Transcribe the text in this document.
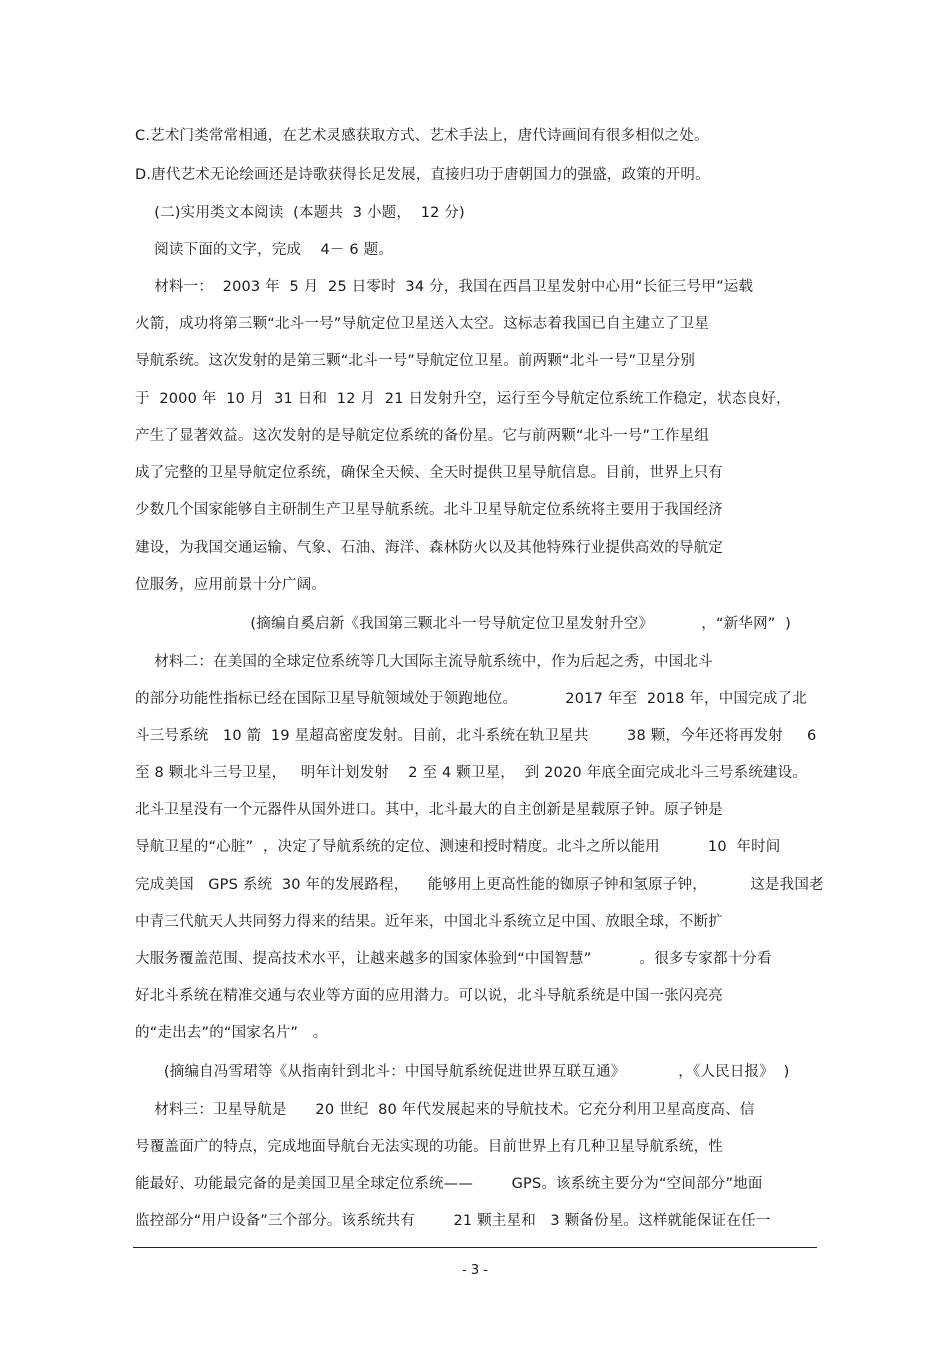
C.艺术门类常常相通，在艺术灵感获取方式、艺术手法上，唐代诗画间有很多相似之处。
D.唐代艺术无论绘画还是诗歌获得长足发展，直接归功于唐朝国力的强盛，政策的开明。
(二)实用类文本阅读  (本题共  3 小题，  12 分)
阅读下面的文字，完成    4－ 6 题。
材料一：  2003 年  5 月  25 日零时  34 分，我国在西昌卫星发射中心用“长征三号甲”运载
火箭，成功将第三颗“北斗一号”导航定位卫星送入太空。这标志着我国已自主建立了卫星
导航系统。这次发射的是第三颗“北斗一号”导航定位卫星。前两颗“北斗一号”卫星分别
于  2000 年  10 月  31 日和  12 月  21 日发射升空，运行至今导航定位系统工作稳定，状态良好，
产生了显著效益。这次发射的是导航定位系统的备份星。它与前两颗“北斗一号”工作星组
成了完整的卫星导航定位系统，确保全天候、全天时提供卫星导航信息。目前，世界上只有
少数几个国家能够自主研制生产卫星导航系统。北斗卫星导航定位系统将主要用于我国经济
建设，为我国交通运输、气象、石油、海洋、森林防火以及其他特殊行业提供高效的导航定
位服务，应用前景十分广阔。
(摘编自奚启新《我国第三颗北斗一号导航定位卫星发射升空》          ，“新华网”  )
材料二：在美国的全球定位系统等几大国际主流导航系统中，作为后起之秀，中国北斗
的部分功能性指标已经在国际卫星导航领域处于领跑地位。          2017 年至  2018 年，中国完成了北
斗三号系统   10 箭  19 星超高密度发射。目前，北斗系统在轨卫星共        38 颗，今年还将再发射     6
至 8 颗北斗三号卫星，   明年计划发射    2 至 4 颗卫星，  到 2020 年底全面完成北斗三号系统建设。
北斗卫星没有一个元器件从国外进口。其中，北斗最大的自主创新是星载原子钟。原子钟是
导航卫星的“心脏”  ，决定了导航系统的定位、测速和授时精度。北斗之所以能用          10  年时间
完成美国   GPS 系统  30 年的发展路程，    能够用上更高性能的铷原子钟和氢原子钟，         这是我国老
中青三代航天人共同努力得来的结果。近年来，中国北斗系统立足中国、放眼全球，不断扩
大服务覆盖范围、提高技术水平，让越来越多的国家体验到“中国智慧”          。很多专家都十分看
好北斗系统在精准交通与农业等方面的应用潜力。可以说，北斗导航系统是中国一张闪亮亮
的“走出去”的“国家名片”   。
(摘编自冯雪珺等《从指南针到北斗：中国导航系统促进世界互联互通》           ，《人民日报》  )
材料三：卫星导航是      20 世纪  80 年代发展起来的导航技术。它充分利用卫星高度高、信
号覆盖面广的特点，完成地面导航台无法实现的功能。目前世界上有几种卫星导航系统，性
能最好、功能最完备的是美国卫星全球定位系统——        GPS。该系统主要分为“空间部分”地面
监控部分“用户设备”三个部分。该系统共有        21 颗主星和   3 颗备份星。这样就能保证在任一
- 3 -
